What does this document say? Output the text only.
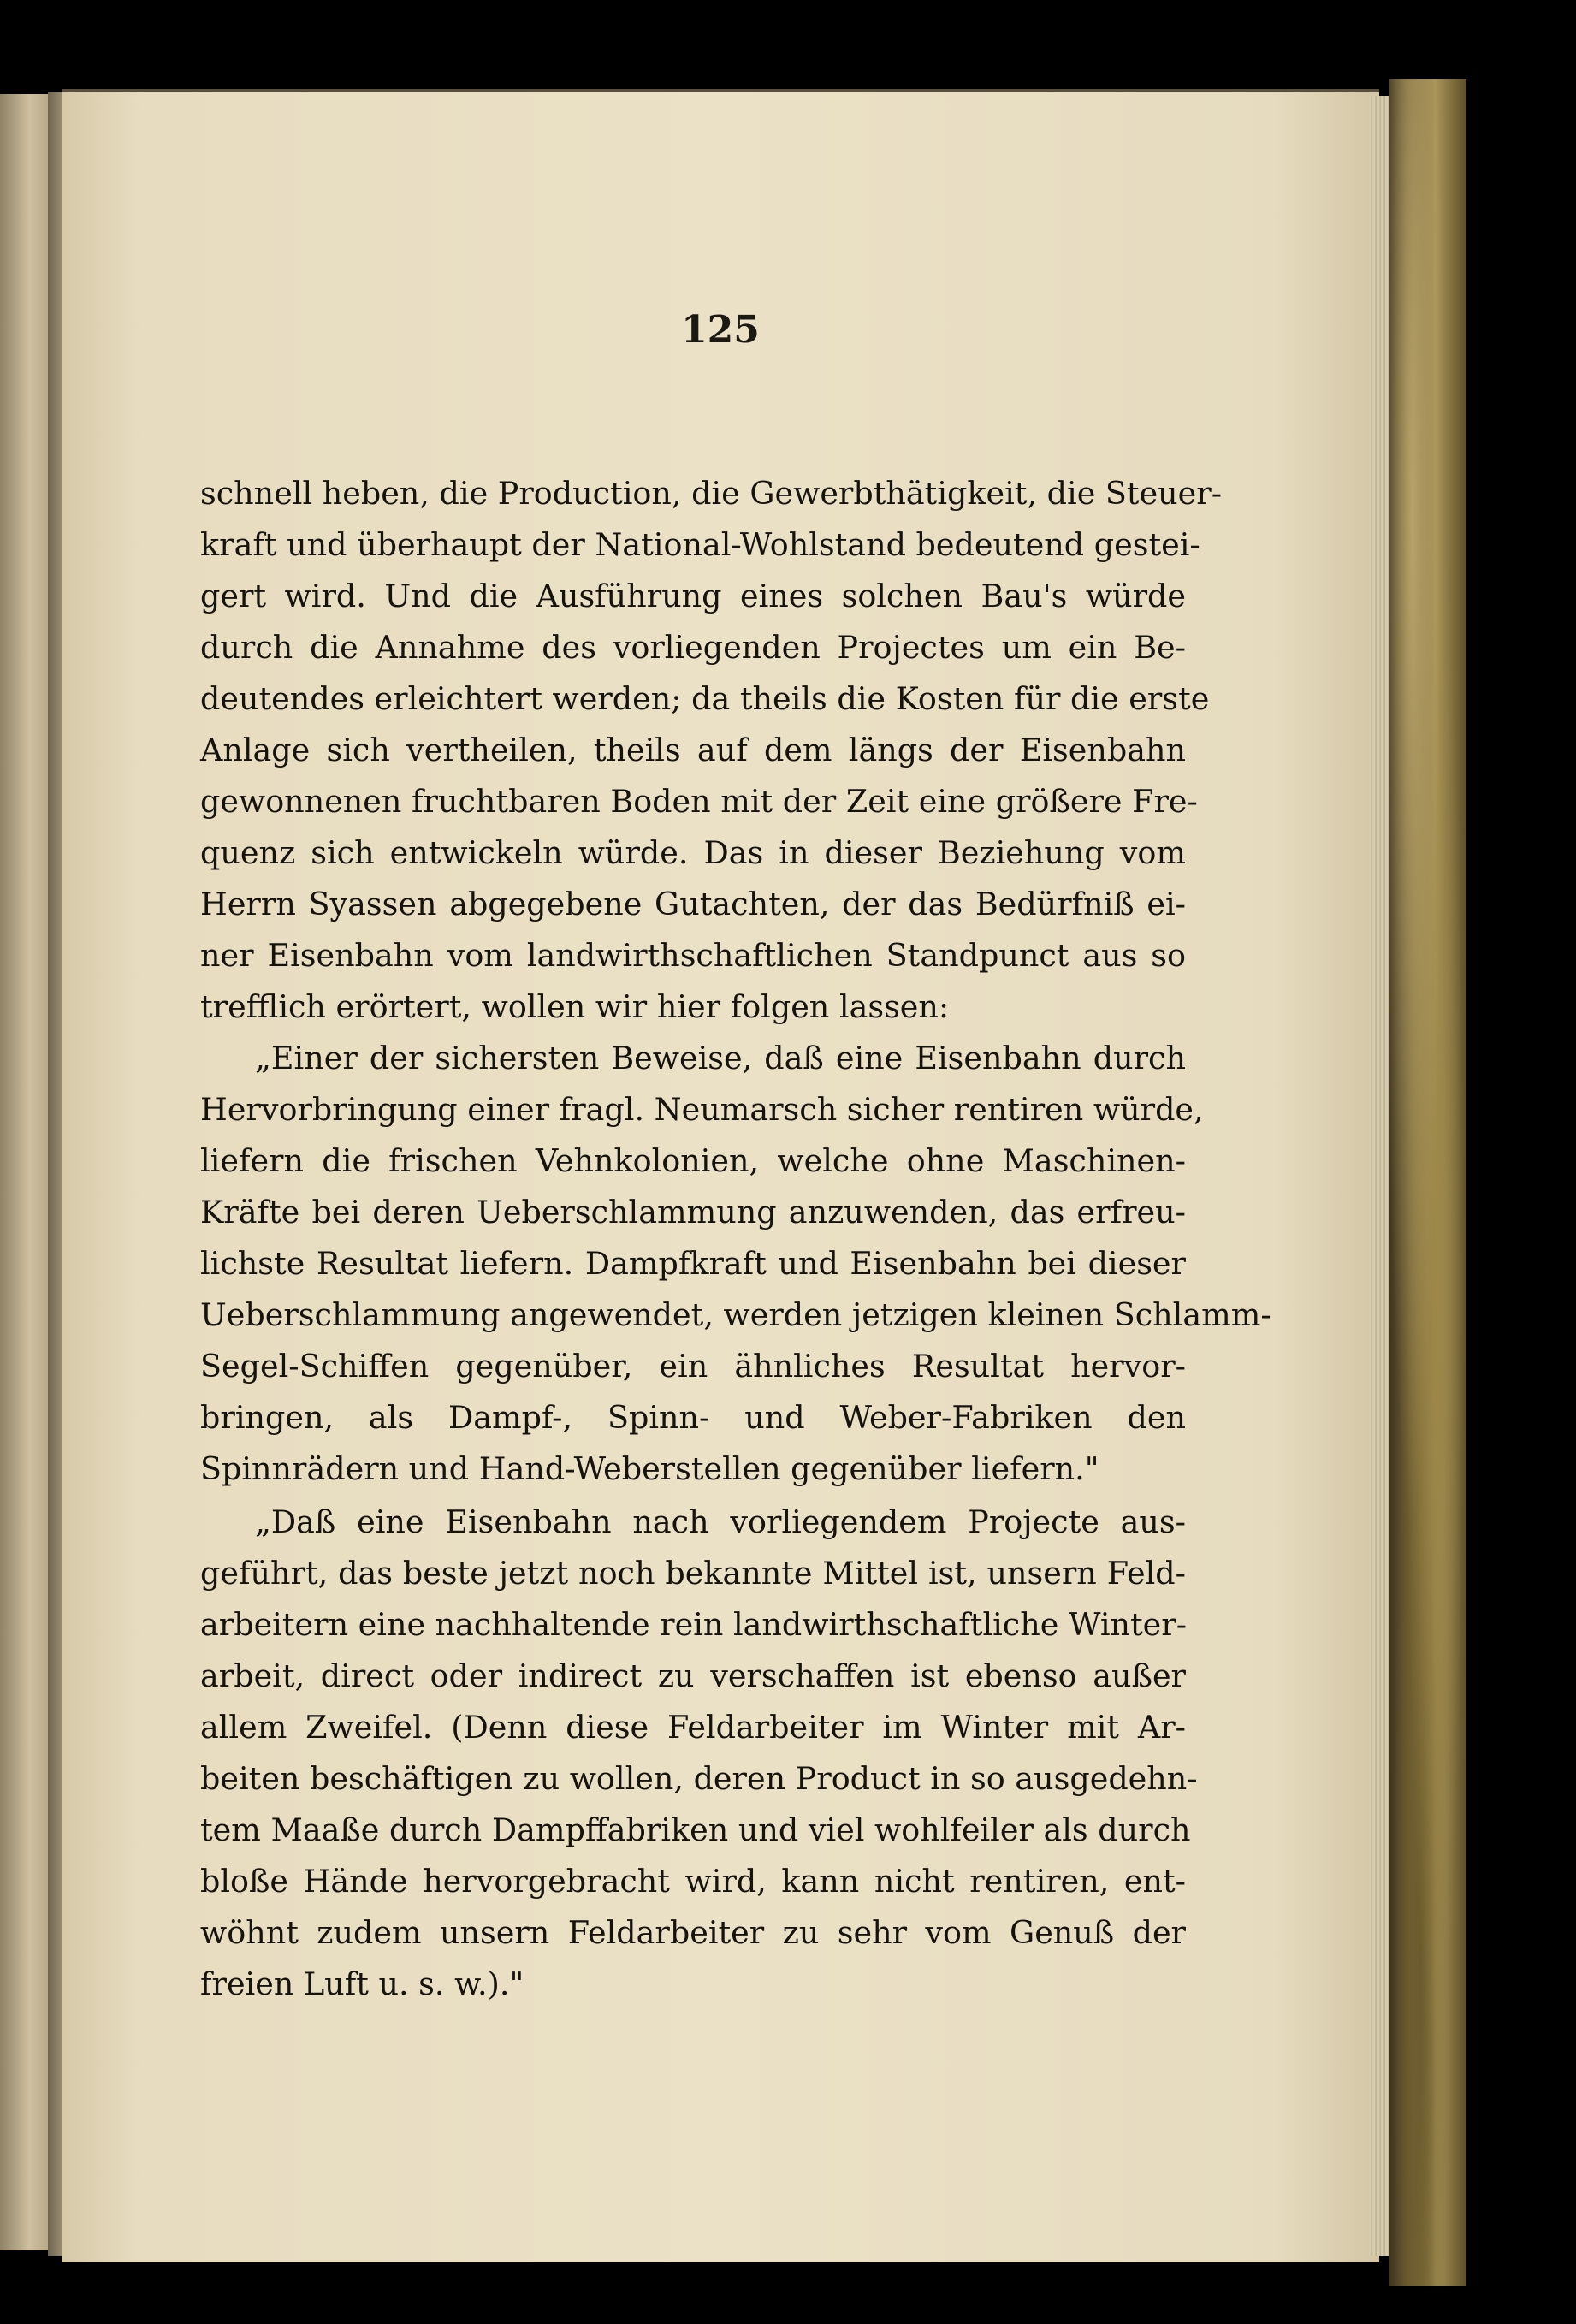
125

schnell heben, die Production, die Gewerbthätigkeit, die Steuer-
kraft und überhaupt der National-Wohlstand bedeutend gestei-
gert wird. Und die Ausführung eines solchen Bau's würde
durch die Annahme des vorliegenden Projectes um ein Be-
deutendes erleichtert werden; da theils die Kosten für die erste
Anlage sich vertheilen, theils auf dem längs der Eisenbahn
gewonnenen fruchtbaren Boden mit der Zeit eine größere Fre-
quenz sich entwickeln würde. Das in dieser Beziehung vom
Herrn Syassen abgegebene Gutachten, der das Bedürfniß ei-
ner Eisenbahn vom landwirthschaftlichen Standpunct aus so
trefflich erörtert, wollen wir hier folgen lassen:
„Einer der sichersten Beweise, daß eine Eisenbahn durch
Hervorbringung einer fragl. Neumarsch sicher rentiren würde,
liefern die frischen Vehnkolonien, welche ohne Maschinen-
Kräfte bei deren Ueberschlammung anzuwenden, das erfreu-
lichste Resultat liefern. Dampfkraft und Eisenbahn bei dieser
Ueberschlammung angewendet, werden jetzigen kleinen Schlamm-
Segel-Schiffen gegenüber, ein ähnliches Resultat hervor-
bringen, als Dampf-, Spinn- und Weber-Fabriken den
Spinnrädern und Hand-Weberstellen gegenüber liefern."
„Daß eine Eisenbahn nach vorliegendem Projecte aus-
geführt, das beste jetzt noch bekannte Mittel ist, unsern Feld-
arbeitern eine nachhaltende rein landwirthschaftliche Winter-
arbeit, direct oder indirect zu verschaffen ist ebenso außer
allem Zweifel. (Denn diese Feldarbeiter im Winter mit Ar-
beiten beschäftigen zu wollen, deren Product in so ausgedehn-
tem Maaße durch Dampffabriken und viel wohlfeiler als durch
bloße Hände hervorgebracht wird, kann nicht rentiren, ent-
wöhnt zudem unsern Feldarbeiter zu sehr vom Genuß der
freien Luft u. s. w.)."
